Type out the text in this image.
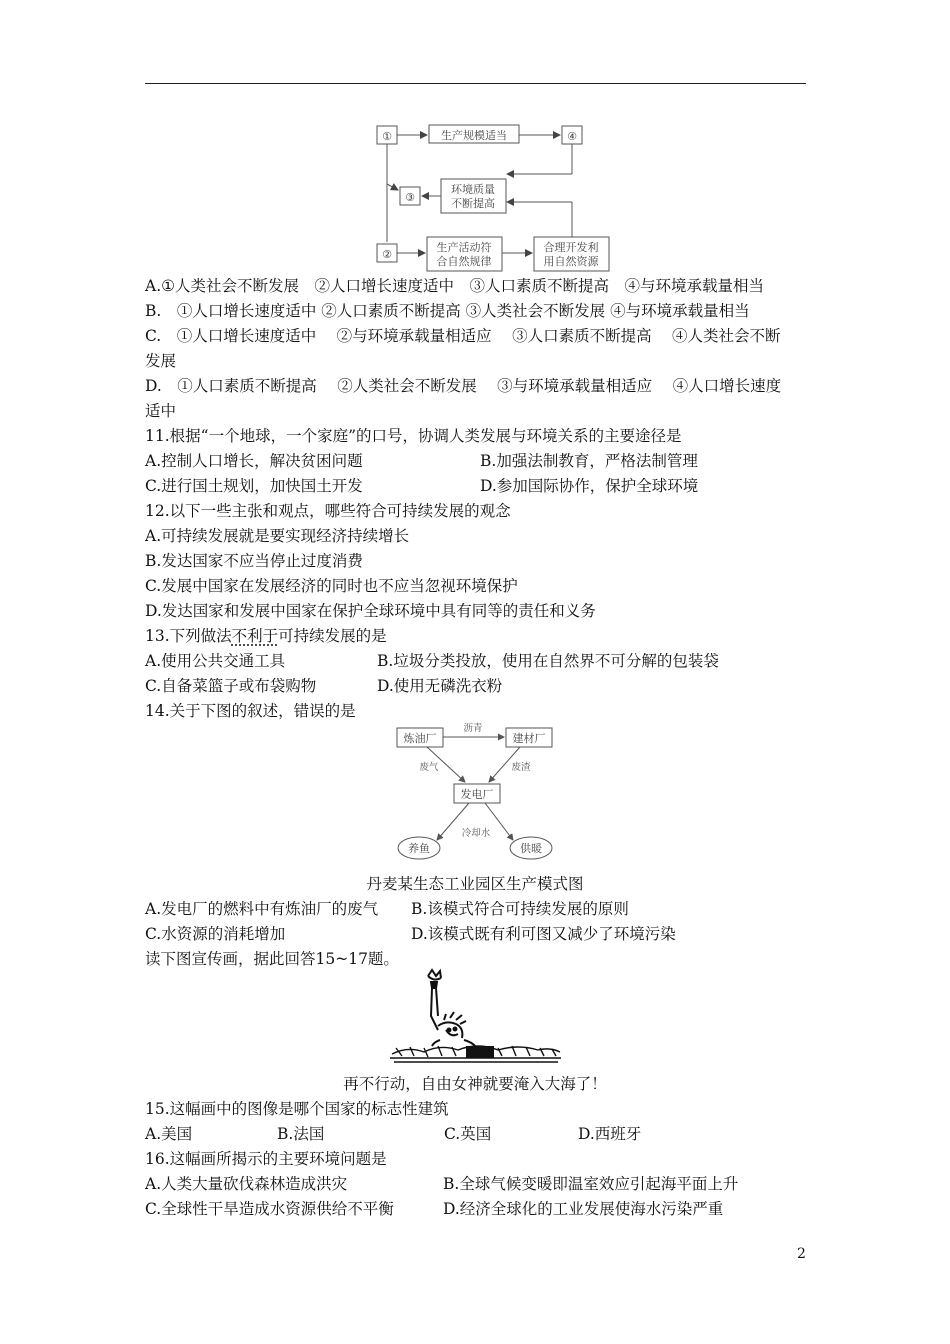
①	生产规模适当	④
③
环境质量
不断提高
②
生产活动符
合自然规律
合理开发利
用自然资源
A.①人类社会不断发展　②人口增长速度适中　③人口素质不断提高　④与环境承载量相当
B.　①人口增长速度适中 ②人口素质不断提高 ③人类社会不断发展 ④与环境承载量相当
C.　①人口增长速度适中　 ②与环境承载量相适应　 ③人口素质不断提高　 ④人类社会不断
发展
D.　①人口素质不断提高　 ②人类社会不断发展　 ③与环境承载量相适应　 ④人口增长速度
适中
11.根据“一个地球，一个家庭”的口号，协调人类发展与环境关系的主要途径是
A.控制人口增长，解决贫困问题	B.加强法制教育，严格法制管理
C.进行国土规划，加快国土开发	D.参加国际协作，保护全球环境
12.以下一些主张和观点，哪些符合可持续发展的观念
A.可持续发展就是要实现经济持续增长
B.发达国家不应当停止过度消费
C.发展中国家在发展经济的同时也不应当忽视环境保护
D.发达国家和发展中国家在保护全球环境中具有同等的责任和义务
13.下列做法不利于可持续发展的是
A.使用公共交通工具	B.垃圾分类投放，使用在自然界不可分解的包装袋
C.自备菜篮子或布袋购物	D.使用无磷洗衣粉
14.关于下图的叙述，错误的是
炼油厂	建材厂
发电厂
养鱼	供暖
沥青
废气	废渣
冷却水
丹麦某生态工业园区生产模式图
A.发电厂的燃料中有炼油厂的废气 B.该模式符合可持续发展的原则
C.水资源的消耗增加	D.该模式既有利可图又减少了环境污染
读下图宣传画，据此回答15~17题。
再不行动，自由女神就要淹入大海了！
15.这幅画中的图像是哪个国家的标志性建筑
A.美国	B.法国	C.英国	D.西班牙
16.这幅画所揭示的主要环境问题是
A.人类大量砍伐森林造成洪灾	B.全球气候变暖即温室效应引起海平面上升
C.全球性干旱造成水资源供给不平衡	D.经济全球化的工业发展使海水污染严重
2
